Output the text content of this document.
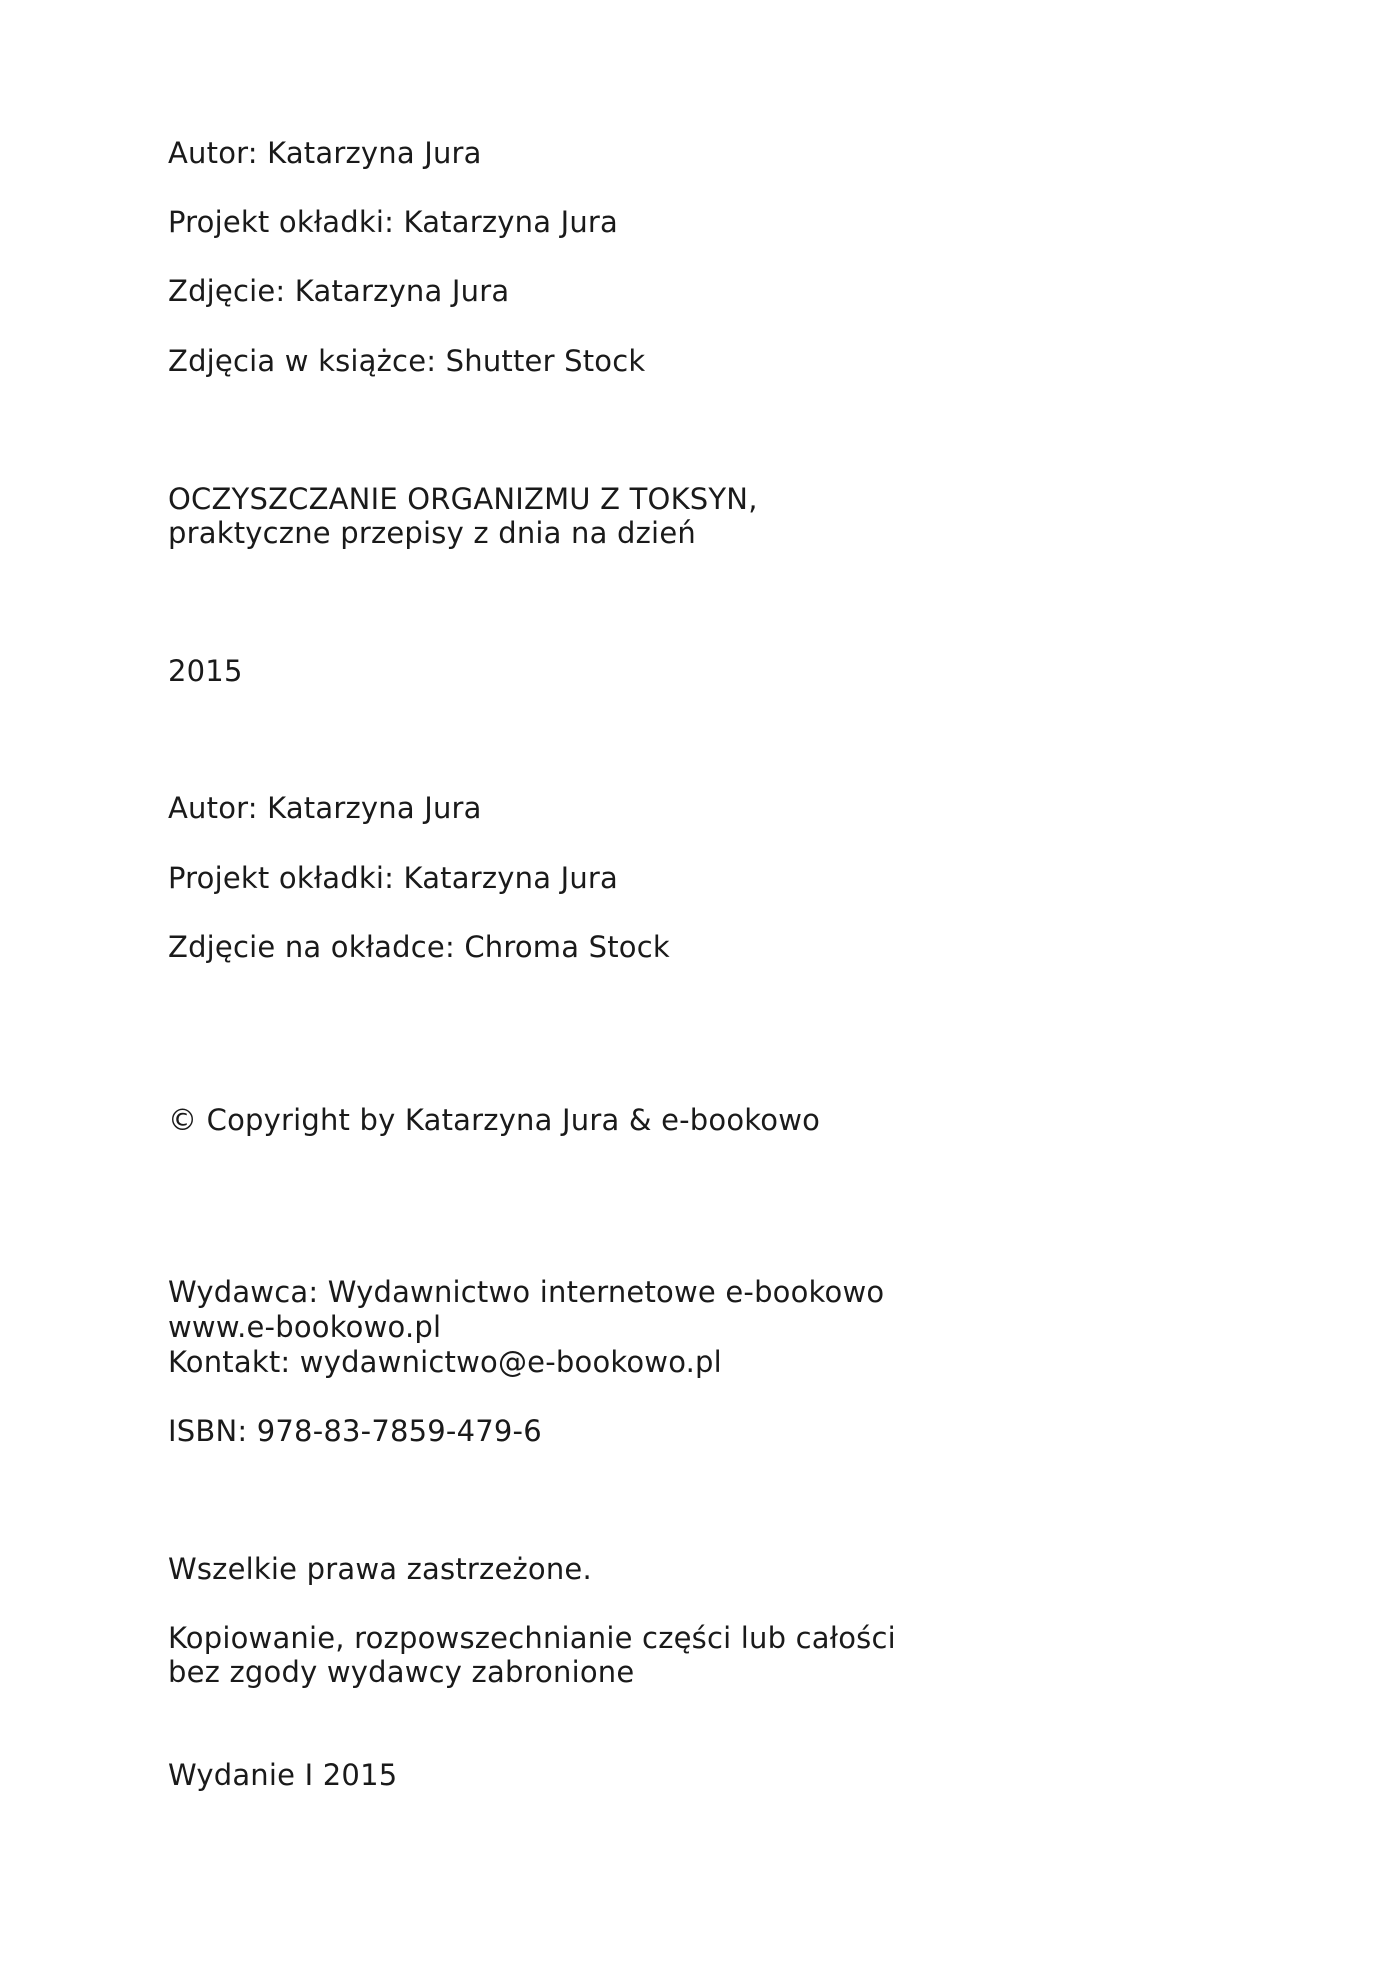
Autor: Katarzyna Jura

Projekt okładki: Katarzyna Jura

Zdjęcie: Katarzyna Jura

Zdjęcia w książce: Shutter Stock

OCZYSZCZANIE ORGANIZMU Z TOKSYN,

praktyczne przepisy z dnia na dzień

2015

Autor: Katarzyna Jura

Projekt okładki: Katarzyna Jura

Zdjęcie na okładce: Chroma Stock

© Copyright by Katarzyna Jura & e-bookowo

Wydawca: Wydawnictwo internetowe e-bookowo

www.e-bookowo.pl

Kontakt: wydawnictwo@e-bookowo.pl

ISBN: 978-83-7859-479-6

Wszelkie prawa zastrzeżone.

Kopiowanie, rozpowszechnianie części lub całości

bez zgody wydawcy zabronione

Wydanie I 2015
